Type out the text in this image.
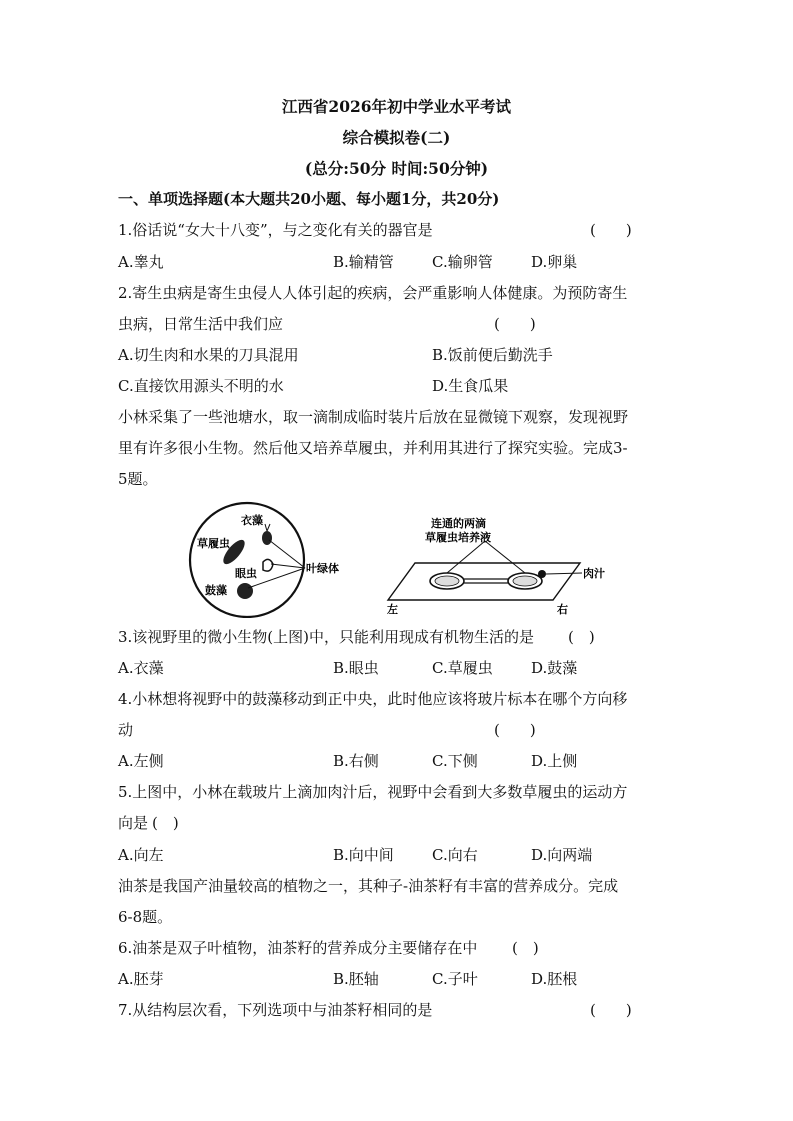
江西省2026年初中学业水平考试
综合模拟卷(二)
(总分:50分 时间:50分钟)
一、单项选择题(本大题共20小题、每小题1分，共20分)
1.俗话说“女大十八变”，与之变化有关的器官是	(　　)
A.睾丸	B.输精管	C.输卵管	D.卵巢
2.寄生虫病是寄生虫侵人人体引起的疾病，会严重影响人体健康。为预防寄生
虫病，日常生活中我们应	(　　)
A.切生肉和水果的刀具混用	B.饭前便后勤洗手
C.直接饮用源头不明的水	D.生食瓜果
小林采集了一些池塘水，取一滴制成临时装片后放在显微镜下观察，发现视野
里有许多很小生物。然后他又培养草履虫，并利用其进行了探究实验。完成3-
5题。
草履虫
衣藻
眼虫	叶绿体
鼓藻
连通的两滴
草履虫培养液
肉汁
左	右
3.该视野里的微小生物(上图)中，只能利用现成有机物生活的是 (　)
A.衣藻	B.眼虫	C.草履虫	D.鼓藻
4.小林想将视野中的鼓藻移动到正中央，此时他应该将玻片标本在哪个方向移
动	(　　)
A.左侧	B.右侧	C.下侧	D.上侧
5.上图中，小林在载玻片上滴加肉汁后，视野中会看到大多数草履虫的运动方
向是 (　)
A.向左	B.向中间	C.向右	D.向两端
油茶是我国产油量较高的植物之一，其种子-油茶籽有丰富的营养成分。完成
6-8题。
6.油茶是双子叶植物，油茶籽的营养成分主要储存在中 (　)
A.胚芽	B.胚轴	C.子叶	D.胚根
7.从结构层次看，下列选项中与油茶籽相同的是	(　　)
